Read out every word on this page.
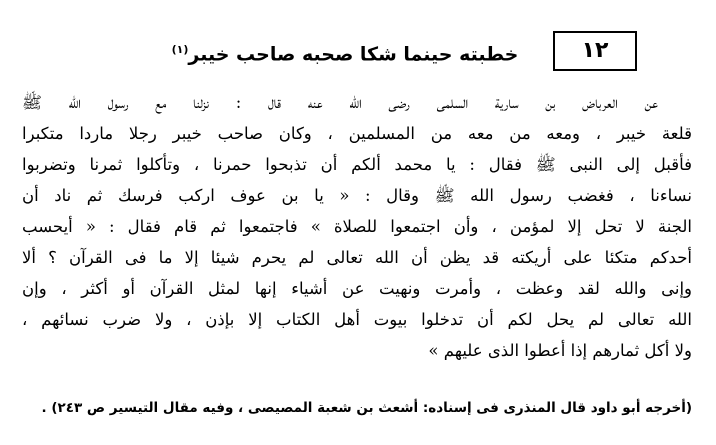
١٢
خطبته حينما شكا صحبه صاحب خيبر$^{(١)}$
عن العرباض بن سارية السلمى رضى الله عنه قال : نزلنا مع رسول الله ﷺ
قلعة خيبر ، ومعه من معه من المسلمين ، وكان صاحب خيبر رجلا ماردا متكبرا
فأقبل إلى النبى ﷺ فقال : يا محمد ألكم أن تذبحوا حمرنا ، وتأكلوا ثمرنا وتضربوا
نساءنا ، فغضب رسول الله ﷺ وقال : « يا بن عوف اركب فرسك ثم ناد أن
الجنة لا تحل إلا لمؤمن ، وأن اجتمعوا للصلاة » فاجتمعوا ثم قام فقال : « أيحسب
أحدكم متكئا على أريكته قد يظن أن الله تعالى لم يحرم شيئا إلا ما فى القرآن ؟ ألا
وإنى والله لقد وعظت ، وأمرت ونهيت عن أشياء إنها لمثل القرآن أو أكثر ، وإن
الله تعالى لم يحل لكم أن تدخلوا بيوت أهل الكتاب إلا بإذن ، ولا ضرب نسائهم ،
ولا أكل ثمارهم إذا أعطوا الذى عليهم »
(أخرجه أبو داود قال المنذرى فى إسناده: أشعث بن شعبة المصيصى ، وفيه مقال التيسير ص ٢٤٣) .
